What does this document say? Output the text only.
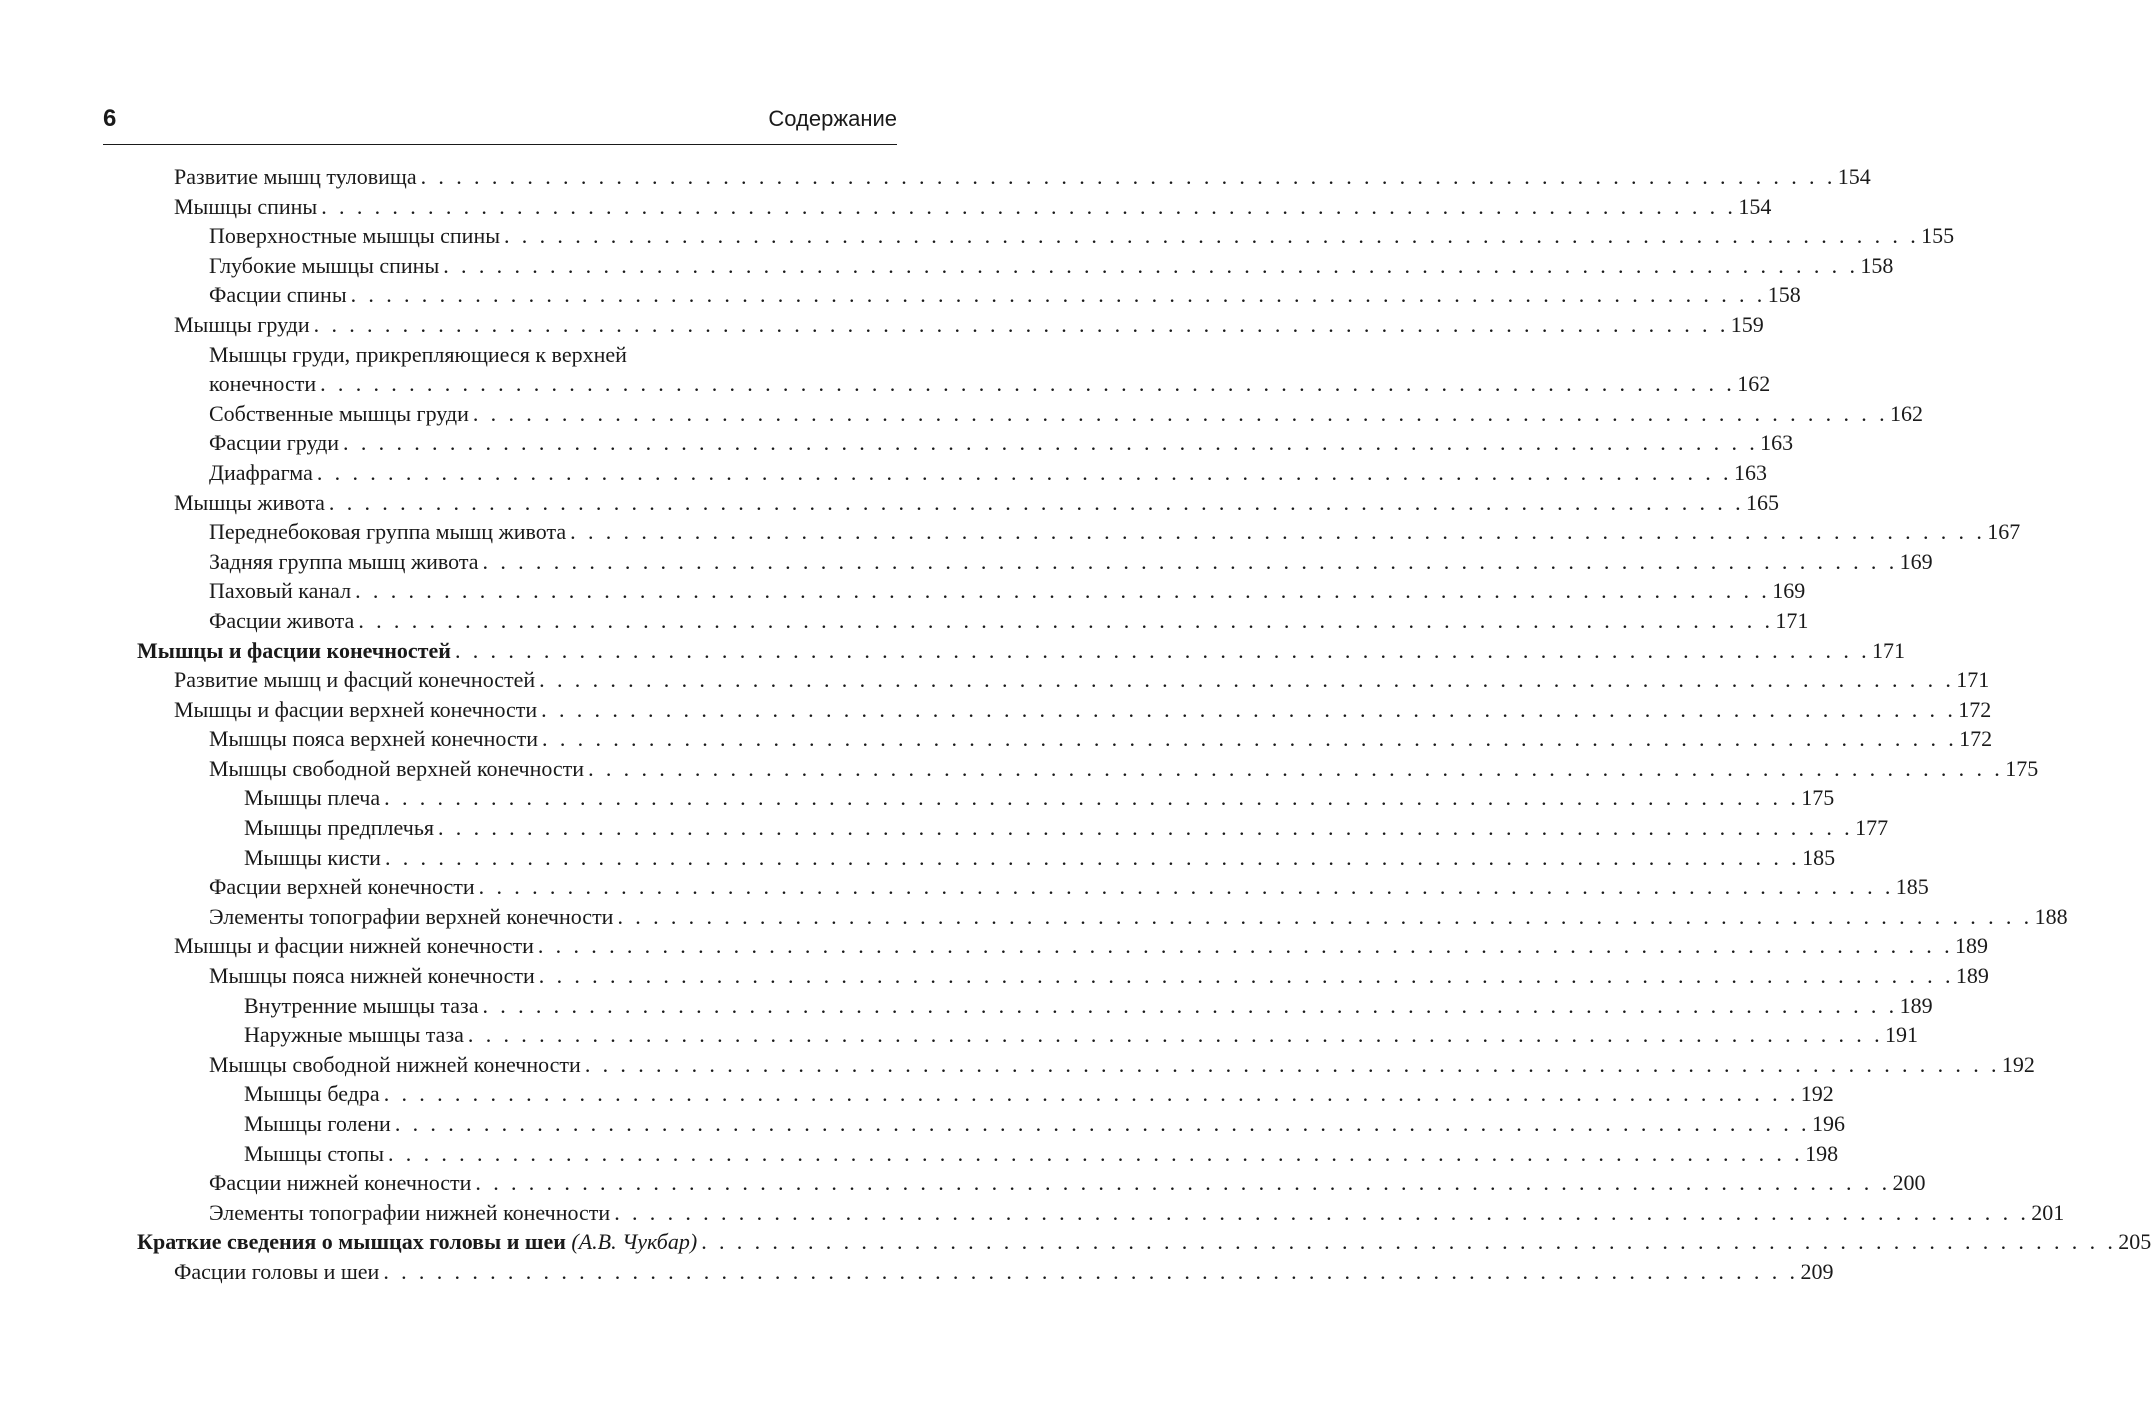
6	Содержание
Развитие мышц туловища . . . . . . . . . . . . . . . . . . . . . . . . . . . . . . . . . . . . . . . . . . . . . . . . . . . . . . . . . . . . . . . . . . . . . . . . . . . . . . . . 154
Мышцы спины . . . . . . . . . . . . . . . . . . . . . . . . . . . . . . . . . . . . . . . . . . . . . . . . . . . . . . . . . . . . . . . . . . . . . . . . . . . . . . . . 154
Поверхностные мышцы спины . . . . . . . . . . . . . . . . . . . . . . . . . . . . . . . . . . . . . . . . . . . . . . . . . . . . . . . . . . . . . . . . . . . . . . . . . . . . . . . . 155
Глубокие мышцы спины . . . . . . . . . . . . . . . . . . . . . . . . . . . . . . . . . . . . . . . . . . . . . . . . . . . . . . . . . . . . . . . . . . . . . . . . . . . . . . . . 158
Фасции спины . . . . . . . . . . . . . . . . . . . . . . . . . . . . . . . . . . . . . . . . . . . . . . . . . . . . . . . . . . . . . . . . . . . . . . . . . . . . . . . . 158
Мышцы груди . . . . . . . . . . . . . . . . . . . . . . . . . . . . . . . . . . . . . . . . . . . . . . . . . . . . . . . . . . . . . . . . . . . . . . . . . . . . . . . . 159
Мышцы груди, прикрепляющиеся к верхней
конечности . . . . . . . . . . . . . . . . . . . . . . . . . . . . . . . . . . . . . . . . . . . . . . . . . . . . . . . . . . . . . . . . . . . . . . . . . . . . . . . . 162
Собственные мышцы груди . . . . . . . . . . . . . . . . . . . . . . . . . . . . . . . . . . . . . . . . . . . . . . . . . . . . . . . . . . . . . . . . . . . . . . . . . . . . . . . . 162
Фасции груди . . . . . . . . . . . . . . . . . . . . . . . . . . . . . . . . . . . . . . . . . . . . . . . . . . . . . . . . . . . . . . . . . . . . . . . . . . . . . . . . 163
Диафрагма . . . . . . . . . . . . . . . . . . . . . . . . . . . . . . . . . . . . . . . . . . . . . . . . . . . . . . . . . . . . . . . . . . . . . . . . . . . . . . . . 163
Мышцы живота . . . . . . . . . . . . . . . . . . . . . . . . . . . . . . . . . . . . . . . . . . . . . . . . . . . . . . . . . . . . . . . . . . . . . . . . . . . . . . . . 165
Переднебоковая группа мышц живота . . . . . . . . . . . . . . . . . . . . . . . . . . . . . . . . . . . . . . . . . . . . . . . . . . . . . . . . . . . . . . . . . . . . . . . . . . . . . . . . 167
Задняя группа мышц живота . . . . . . . . . . . . . . . . . . . . . . . . . . . . . . . . . . . . . . . . . . . . . . . . . . . . . . . . . . . . . . . . . . . . . . . . . . . . . . . . 169
Паховый канал . . . . . . . . . . . . . . . . . . . . . . . . . . . . . . . . . . . . . . . . . . . . . . . . . . . . . . . . . . . . . . . . . . . . . . . . . . . . . . . . 169
Фасции живота . . . . . . . . . . . . . . . . . . . . . . . . . . . . . . . . . . . . . . . . . . . . . . . . . . . . . . . . . . . . . . . . . . . . . . . . . . . . . . . . 171
Мышцы и фасции конечностей . . . . . . . . . . . . . . . . . . . . . . . . . . . . . . . . . . . . . . . . . . . . . . . . . . . . . . . . . . . . . . . . . . . . . . . . . . . . . . . . 171
Развитие мышц и фасций конечностей . . . . . . . . . . . . . . . . . . . . . . . . . . . . . . . . . . . . . . . . . . . . . . . . . . . . . . . . . . . . . . . . . . . . . . . . . . . . . . . . 171
Мышцы и фасции верхней конечности . . . . . . . . . . . . . . . . . . . . . . . . . . . . . . . . . . . . . . . . . . . . . . . . . . . . . . . . . . . . . . . . . . . . . . . . . . . . . . . . 172
Мышцы пояса верхней конечности . . . . . . . . . . . . . . . . . . . . . . . . . . . . . . . . . . . . . . . . . . . . . . . . . . . . . . . . . . . . . . . . . . . . . . . . . . . . . . . . 172
Мышцы свободной верхней конечности . . . . . . . . . . . . . . . . . . . . . . . . . . . . . . . . . . . . . . . . . . . . . . . . . . . . . . . . . . . . . . . . . . . . . . . . . . . . . . . . 175
Мышцы плеча . . . . . . . . . . . . . . . . . . . . . . . . . . . . . . . . . . . . . . . . . . . . . . . . . . . . . . . . . . . . . . . . . . . . . . . . . . . . . . . . 175
Мышцы предплечья . . . . . . . . . . . . . . . . . . . . . . . . . . . . . . . . . . . . . . . . . . . . . . . . . . . . . . . . . . . . . . . . . . . . . . . . . . . . . . . . 177
Мышцы кисти . . . . . . . . . . . . . . . . . . . . . . . . . . . . . . . . . . . . . . . . . . . . . . . . . . . . . . . . . . . . . . . . . . . . . . . . . . . . . . . . 185
Фасции верхней конечности . . . . . . . . . . . . . . . . . . . . . . . . . . . . . . . . . . . . . . . . . . . . . . . . . . . . . . . . . . . . . . . . . . . . . . . . . . . . . . . . 185
Элементы топографии верхней конечности . . . . . . . . . . . . . . . . . . . . . . . . . . . . . . . . . . . . . . . . . . . . . . . . . . . . . . . . . . . . . . . . . . . . . . . . . . . . . . . . 188
Мышцы и фасции нижней конечности . . . . . . . . . . . . . . . . . . . . . . . . . . . . . . . . . . . . . . . . . . . . . . . . . . . . . . . . . . . . . . . . . . . . . . . . . . . . . . . . 189
Мышцы пояса нижней конечности . . . . . . . . . . . . . . . . . . . . . . . . . . . . . . . . . . . . . . . . . . . . . . . . . . . . . . . . . . . . . . . . . . . . . . . . . . . . . . . . 189
Внутренние мышцы таза . . . . . . . . . . . . . . . . . . . . . . . . . . . . . . . . . . . . . . . . . . . . . . . . . . . . . . . . . . . . . . . . . . . . . . . . . . . . . . . . 189
Наружные мышцы таза . . . . . . . . . . . . . . . . . . . . . . . . . . . . . . . . . . . . . . . . . . . . . . . . . . . . . . . . . . . . . . . . . . . . . . . . . . . . . . . . 191
Мышцы свободной нижней конечности . . . . . . . . . . . . . . . . . . . . . . . . . . . . . . . . . . . . . . . . . . . . . . . . . . . . . . . . . . . . . . . . . . . . . . . . . . . . . . . . 192
Мышцы бедра . . . . . . . . . . . . . . . . . . . . . . . . . . . . . . . . . . . . . . . . . . . . . . . . . . . . . . . . . . . . . . . . . . . . . . . . . . . . . . . . 192
Мышцы голени . . . . . . . . . . . . . . . . . . . . . . . . . . . . . . . . . . . . . . . . . . . . . . . . . . . . . . . . . . . . . . . . . . . . . . . . . . . . . . . . 196
Мышцы стопы . . . . . . . . . . . . . . . . . . . . . . . . . . . . . . . . . . . . . . . . . . . . . . . . . . . . . . . . . . . . . . . . . . . . . . . . . . . . . . . . 198
Фасции нижней конечности . . . . . . . . . . . . . . . . . . . . . . . . . . . . . . . . . . . . . . . . . . . . . . . . . . . . . . . . . . . . . . . . . . . . . . . . . . . . . . . . 200
Элементы топографии нижней конечности . . . . . . . . . . . . . . . . . . . . . . . . . . . . . . . . . . . . . . . . . . . . . . . . . . . . . . . . . . . . . . . . . . . . . . . . . . . . . . . . 201
Краткие сведения о мышцах головы и шеи (А.В. Чукбар) . . . . . . . . . . . . . . . . . . . . . . . . . . . . . . . . . . . . . . . . . . . . . . . . . . . . . . . . . . . . . . . . . . . . . . . . . . . . . . . . 205
Фасции головы и шеи . . . . . . . . . . . . . . . . . . . . . . . . . . . . . . . . . . . . . . . . . . . . . . . . . . . . . . . . . . . . . . . . . . . . . . . . . . . . . . . . 209
